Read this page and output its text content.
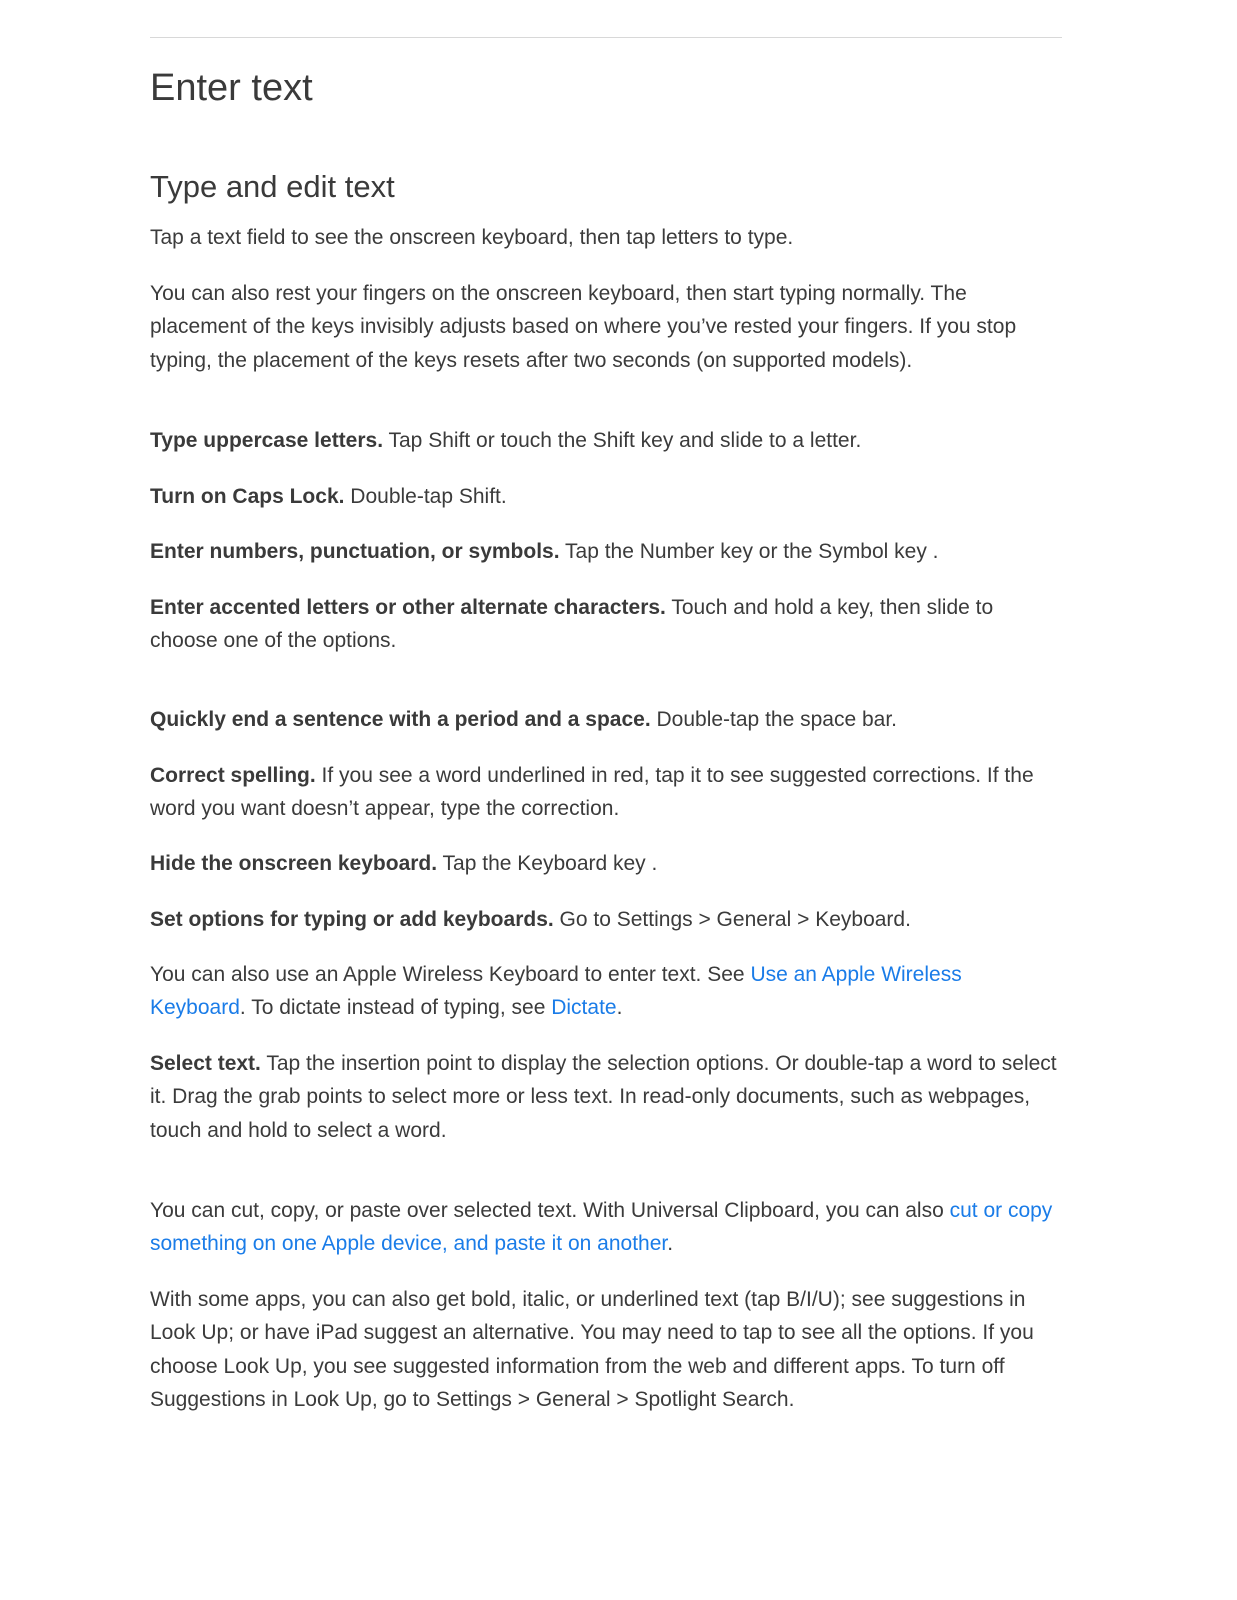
Enter text
Type and edit text

Tap a text field to see the onscreen keyboard, then tap letters to type.

You can also rest your fingers on the onscreen keyboard, then start typing normally. The placement of the keys invisibly adjusts based on where you’ve rested your fingers. If you stop typing, the placement of the keys resets after two seconds (on supported models).

Type uppercase letters. Tap Shift or touch the Shift key and slide to a letter.

Turn on Caps Lock. Double-tap Shift.

Enter numbers, punctuation, or symbols. Tap the Number key or the Symbol key .

Enter accented letters or other alternate characters. Touch and hold a key, then slide to choose one of the options.

Quickly end a sentence with a period and a space. Double-tap the space bar.

Correct spelling. If you see a word underlined in red, tap it to see suggested corrections. If the word you want doesn’t appear, type the correction.

Hide the onscreen keyboard. Tap the Keyboard key .

Set options for typing or add keyboards. Go to Settings > General > Keyboard.

You can also use an Apple Wireless Keyboard to enter text. See Use an Apple Wireless Keyboard. To dictate instead of typing, see Dictate.

Select text. Tap the insertion point to display the selection options. Or double-tap a word to select it. Drag the grab points to select more or less text. In read-only documents, such as webpages, touch and hold to select a word.

You can cut, copy, or paste over selected text. With Universal Clipboard, you can also cut or copy something on one Apple device, and paste it on another.

With some apps, you can also get bold, italic, or underlined text (tap B/I/U); see suggestions in Look Up; or have iPad suggest an alternative. You may need to tap to see all the options. If you choose Look Up, you see suggested information from the web and different apps. To turn off Suggestions in Look Up, go to Settings > General > Spotlight Search.
